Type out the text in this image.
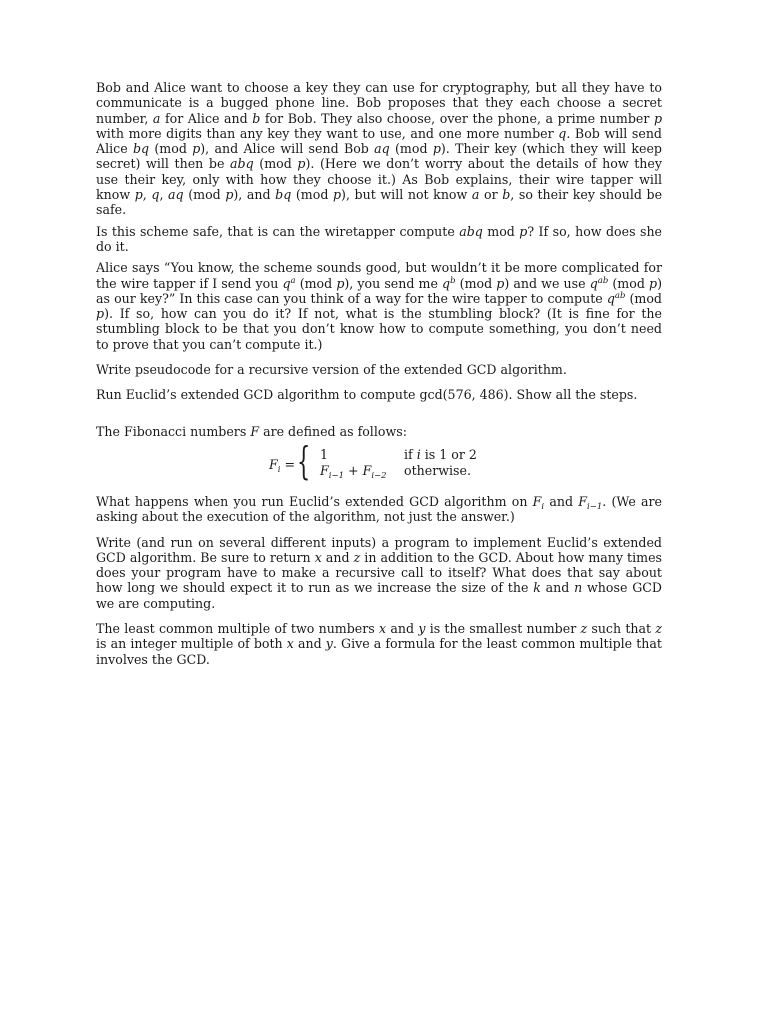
Bob and Alice want to choose a key they can use for cryptography, but all they have to communicate is a bugged phone line. Bob proposes that they each choose a secret number, a for Alice and b for Bob. They also choose, over the phone, a prime number p with more digits than any key they want to use, and one more number q. Bob will send Alice bq (mod p), and Alice will send Bob aq (mod p). Their key (which they will keep secret) will then be abq (mod p). (Here we don’t worry about the details of how they use their key, only with how they choose it.) As Bob explains, their wire tapper will know p, q, aq (mod p), and bq (mod p), but will not know a or b, so their key should be safe.

Is this scheme safe, that is can the wiretapper compute abq mod p? If so, how does she do it.

Alice says “You know, the scheme sounds good, but wouldn’t it be more complicated for the wire tapper if I send you $q^a$ (mod p), you send me $q^b$ (mod p) and we use $q^{ab}$ (mod p) as our key?” In this case can you think of a way for the wire tapper to compute $q^{ab}$ (mod p). If so, how can you do it? If not, what is the stumbling block? (It is fine for the stumbling block to be that you don’t know how to compute something, you don’t need to prove that you can’t compute it.)

Write pseudocode for a recursive version of the extended GCD algorithm.

Run Euclid’s extended GCD algorithm to compute gcd(576, 486). Show all the steps.

The Fibonacci numbers F are defined as follows:

$F_i$ = { 1	if i is 1 or 2
$F_{i-1} + F_{i-2}$ otherwise.

What happens when you run Euclid’s extended GCD algorithm on $F_i$ and $F_{i-1}$. (We are asking about the execution of the algorithm, not just the answer.)

Write (and run on several different inputs) a program to implement Euclid’s extended GCD algorithm. Be sure to return x and z in addition to the GCD. About how many times does your program have to make a recursive call to itself? What does that say about how long we should expect it to run as we increase the size of the k and n whose GCD we are computing.

The least common multiple of two numbers x and y is the smallest number z such that z is an integer multiple of both x and y. Give a formula for the least common multiple that involves the GCD.
